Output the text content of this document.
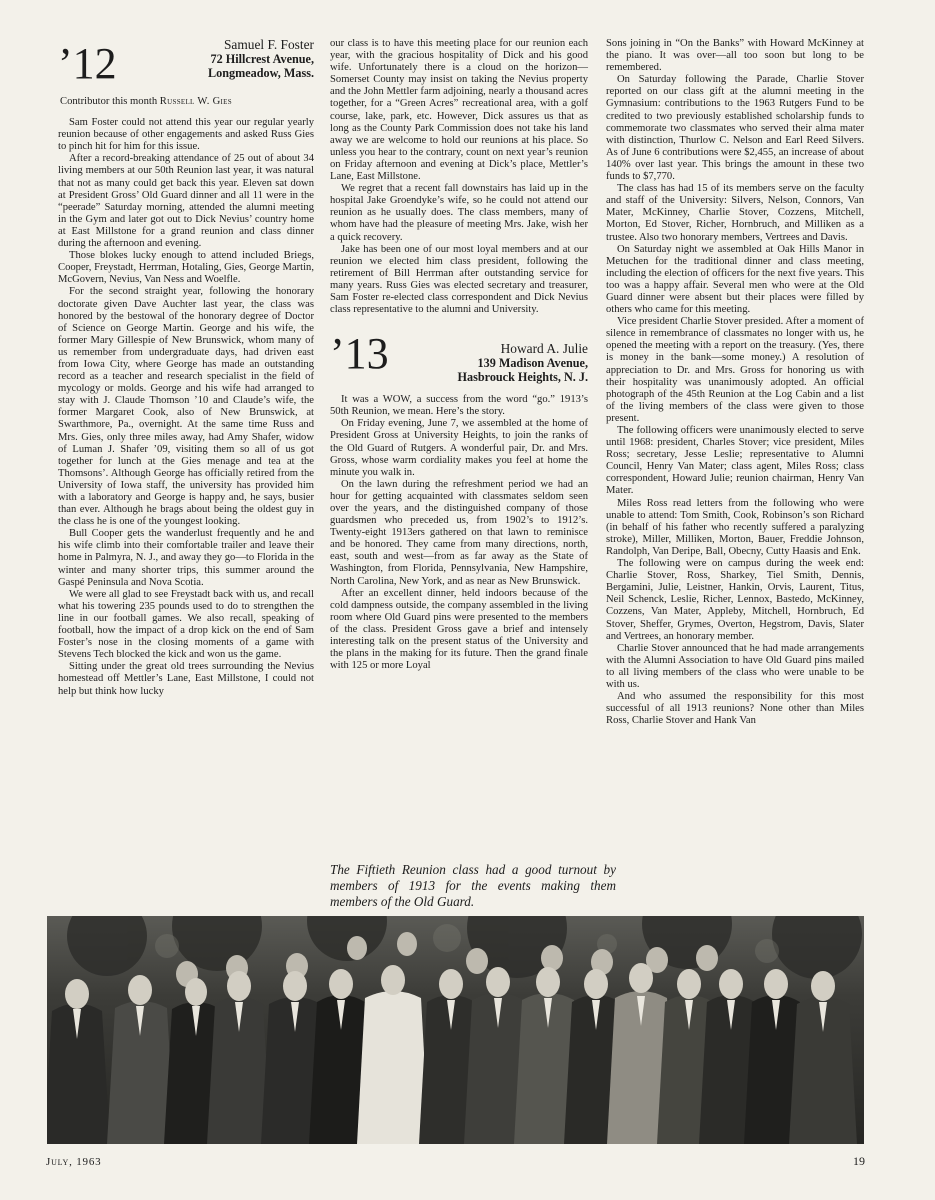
’12	Samuel F. Foster
72 Hillcrest Avenue,
Longmeadow, Mass.

Contributor this month Russell W. Gies

Sam Foster could not attend this year our regular yearly reunion because of other engagements and asked Russ Gies to pinch hit for him for this issue.

After a record-breaking attendance of 25 out of about 34 living members at our 50th Reunion last year, it was natural that not as many could get back this year. Eleven sat down at President Gross’ Old Guard dinner and all 11 were in the “peerade” Saturday morning, attended the alumni meeting in the Gym and later got out to Dick Nevius’ country home at East Millstone for a grand reunion and class dinner during the afternoon and evening.

Those blokes lucky enough to attend included Briegs, Cooper, Freystadt, Herrman, Hotaling, Gies, George Martin, McGovern, Nevius, Van Ness and Woelfle.

For the second straight year, following the honorary doctorate given Dave Auchter last year, the class was honored by the bestowal of the honorary degree of Doctor of Science on George Martin. George and his wife, the former Mary Gillespie of New Brunswick, whom many of us remember from undergraduate days, had driven east from Iowa City, where George has made an outstanding record as a teacher and research specialist in the field of mycology or molds. George and his wife had arranged to stay with J. Claude Thomson ’10 and Claude’s wife, the former Margaret Cook, also of New Brunswick, at Swarthmore, Pa., overnight. At the same time Russ and Mrs. Gies, only three miles away, had Amy Shafer, widow of Luman J. Shafer ’09, visiting them so all of us got together for lunch at the Gies menage and tea at the Thomsons’. Although George has officially retired from the University of Iowa staff, the university has provided him with a laboratory and George is happy and, he says, busier than ever. Although he brags about being the oldest guy in the class he is one of the youngest looking.

Bull Cooper gets the wanderlust frequently and he and his wife climb into their comfortable trailer and leave their home in Palmyra, N. J., and away they go—to Florida in the winter and many shorter trips, this summer around the Gaspé Peninsula and Nova Scotia.

We were all glad to see Freystadt back with us, and recall what his towering 235 pounds used to do to strengthen the line in our football games. We also recall, speaking of football, how the impact of a drop kick on the end of Sam Foster’s nose in the closing moments of a game with Stevens Tech blocked the kick and won us the game.

Sitting under the great old trees surrounding the Nevius homestead off Mettler’s Lane, East Millstone, I could not help but think how lucky

our class is to have this meeting place for our reunion each year, with the gracious hospitality of Dick and his good wife. Unfortunately there is a cloud on the horizon—Somerset County may insist on taking the Nevius property and the John Mettler farm adjoining, nearly a thousand acres together, for a “Green Acres” recreational area, with a golf course, lake, park, etc. However, Dick assures us that as long as the County Park Commission does not take his land away we are welcome to hold our reunions at his place. So unless you hear to the contrary, count on next year’s reunion on Friday afternoon and evening at Dick’s place, Mettler’s Lane, East Millstone.

We regret that a recent fall downstairs has laid up in the hospital Jake Groendyke’s wife, so he could not attend our reunion as he usually does. The class members, many of whom have had the pleasure of meeting Mrs. Jake, wish her a quick recovery.

Jake has been one of our most loyal members and at our reunion we elected him class president, following the retirement of Bill Herrman after outstanding service for many years. Russ Gies was elected secretary and treasurer, Sam Foster re-elected class correspondent and Dick Nevius class representative to the alumni and University.

’13	Howard A. Julie
139 Madison Avenue,
Hasbrouck Heights, N. J.

It was a WOW, a success from the word “go.” 1913’s 50th Reunion, we mean. Here’s the story.

On Friday evening, June 7, we assembled at the home of President Gross at University Heights, to join the ranks of the Old Guard of Rutgers. A wonderful pair, Dr. and Mrs. Gross, whose warm cordiality makes you feel at home the minute you walk in.

On the lawn during the refreshment period we had an hour for getting acquainted with classmates seldom seen over the years, and the distinguished company of those guardsmen who preceded us, from 1902’s to 1912’s. Twenty-eight 1913ers gathered on that lawn to reminisce and be honored. They came from many directions, north, east, south and west—from as far away as the State of Washington, from Florida, Pennsylvania, New Hampshire, North Carolina, New York, and as near as New Brunswick.

After an excellent dinner, held indoors because of the cold dampness outside, the company assembled in the living room where Old Guard pins were presented to the members of the class. President Gross gave a brief and intensely interesting talk on the present status of the University and the plans in the making for its future. Then the grand finale with 125 or more Loyal

Sons joining in “On the Banks” with Howard McKinney at the piano. It was over—all too soon but long to be remembered.

On Saturday following the Parade, Charlie Stover reported on our class gift at the alumni meeting in the Gymnasium: contributions to the 1963 Rutgers Fund to be credited to two previously established scholarship funds to commemorate two classmates who served their alma mater with distinction, Thurlow C. Nelson and Earl Reed Silvers. As of June 6 contributions were $2,455, an increase of about 140% over last year. This brings the amount in these two funds to $7,770.

The class has had 15 of its members serve on the faculty and staff of the University: Silvers, Nelson, Connors, Van Mater, McKinney, Charlie Stover, Cozzens, Mitchell, Morton, Ed Stover, Richer, Hornbruch, and Milliken as a trustee. Also two honorary members, Vertrees and Davis.

On Saturday night we assembled at Oak Hills Manor in Metuchen for the traditional dinner and class meeting, including the election of officers for the next five years. This too was a happy affair. Several men who were at the Old Guard dinner were absent but their places were filled by others who came for this meeting.

Vice president Charlie Stover presided. After a moment of silence in remembrance of classmates no longer with us, he opened the meeting with a report on the treasury. (Yes, there is money in the bank—some money.) A resolution of appreciation to Dr. and Mrs. Gross for honoring us with their hospitality was unanimously adopted. An official photograph of the 45th Reunion at the Log Cabin and a list of the living members of the class were given to those present.

The following officers were unanimously elected to serve until 1968: president, Charles Stover; vice president, Miles Ross; secretary, Jesse Leslie; representative to Alumni Council, Henry Van Mater; class agent, Miles Ross; class correspondent, Howard Julie; reunion chairman, Henry Van Mater.

Miles Ross read letters from the following who were unable to attend: Tom Smith, Cook, Robinson’s son Richard (in behalf of his father who recently suffered a paralyzing stroke), Miller, Milliken, Morton, Bauer, Freddie Johnson, Randolph, Van Deripe, Ball, Obecny, Cutty Haasis and Enk.

The following were on campus during the week end: Charlie Stover, Ross, Sharkey, Tiel Smith, Dennis, Bergamini, Julie, Leistner, Hankin, Orvis, Laurent, Titus, Neil Schenck, Leslie, Richer, Lennox, Bastedo, McKinney, Cozzens, Van Mater, Appleby, Mitchell, Hornbruch, Ed Stover, Sheffer, Grymes, Overton, Hegstrom, Davis, Slater and Vertrees, an honorary member.

Charlie Stover announced that he had made arrangements with the Alumni Association to have Old Guard pins mailed to all living members of the class who were unable to be with us.

And who assumed the responsibility for this most successful of all 1913 reunions? None other than Miles Ross, Charlie Stover and Hank Van

The Fiftieth Reunion class had a good turnout by members of 1913 for the events making them members of the Old Guard.
July, 1963	19
